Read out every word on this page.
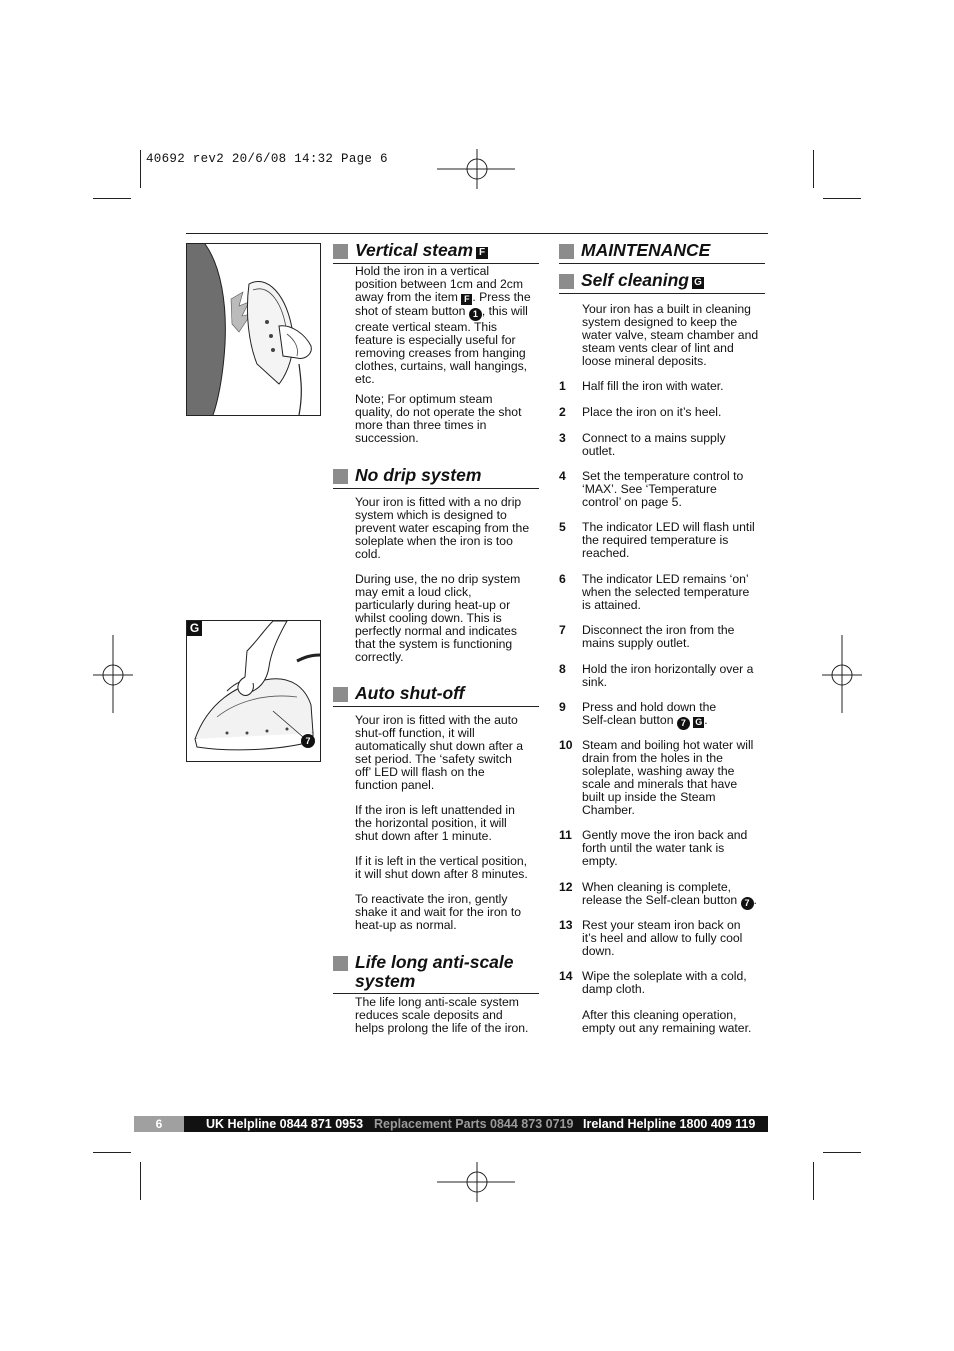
40692 rev2 20/6/08 14:32 Page 6
G
7
Vertical steam F
Hold the iron in a vertical
position between 1cm and 2cm
away from the item F . Press the
shot of steam button 1 , this will
create vertical steam. This
feature is especially useful for
removing creases from hanging
clothes, curtains, wall hangings,
etc.
Note; For optimum steam
quality, do not operate the shot
more than three times in
succession.
No drip system
Your iron is fitted with a no drip
system which is designed to
prevent water escaping from the
soleplate when the iron is too
cold.
During use, the no drip system
may emit a loud click,
particularly during heat-up or
whilst cooling down. This is
perfectly normal and indicates
that the system is functioning
correctly.
Auto shut-off
Your iron is fitted with the auto
shut-off function, it will
automatically shut down after a
set period. The ‘safety switch
off’ LED will flash on the
function panel.
If the iron is left unattended in
the horizontal position, it will
shut down after 1 minute.
If it is left in the vertical position,
it will shut down after 8 minutes.
To reactivate the iron, gently
shake it and wait for the iron to
heat-up as normal.
Life long anti-scale
system
The life long anti-scale system
reduces scale deposits and
helps prolong the life of the iron.
MAINTENANCE
Self cleaning G
Your iron has a built in cleaning
system designed to keep the
water valve, steam chamber and
steam vents clear of lint and
loose mineral deposits.
1 Half fill the iron with water.
2 Place the iron on it’s heel.
3 Connect to a mains supply
outlet.
4 Set the temperature control to
‘MAX’. See ‘Temperature
control’ on page 5.
5 The indicator LED will flash until
the required temperature is
reached.
6 The indicator LED remains ‘on’
when the selected temperature
is attained.
7 Disconnect the iron from the
mains supply outlet.
8 Hold the iron horizontally over a
sink.
9 Press and hold down the
Self-clean button 7 G .
10 Steam and boiling hot water will
drain from the holes in the
soleplate, washing away the
scale and minerals that have
built up inside the Steam
Chamber.
11 Gently move the iron back and
forth until the water tank is
empty.
12 When cleaning is complete,
release the Self-clean button 7 .
13 Rest your steam iron back on
it’s heel and allow to fully cool
down.
14 Wipe the soleplate with a cold,
damp cloth.
After this cleaning operation,
empty out any remaining water.
6	UK Helpline 0844 871 0953 Replacement Parts 0844 873 0719 Ireland Helpline 1800 409 119
